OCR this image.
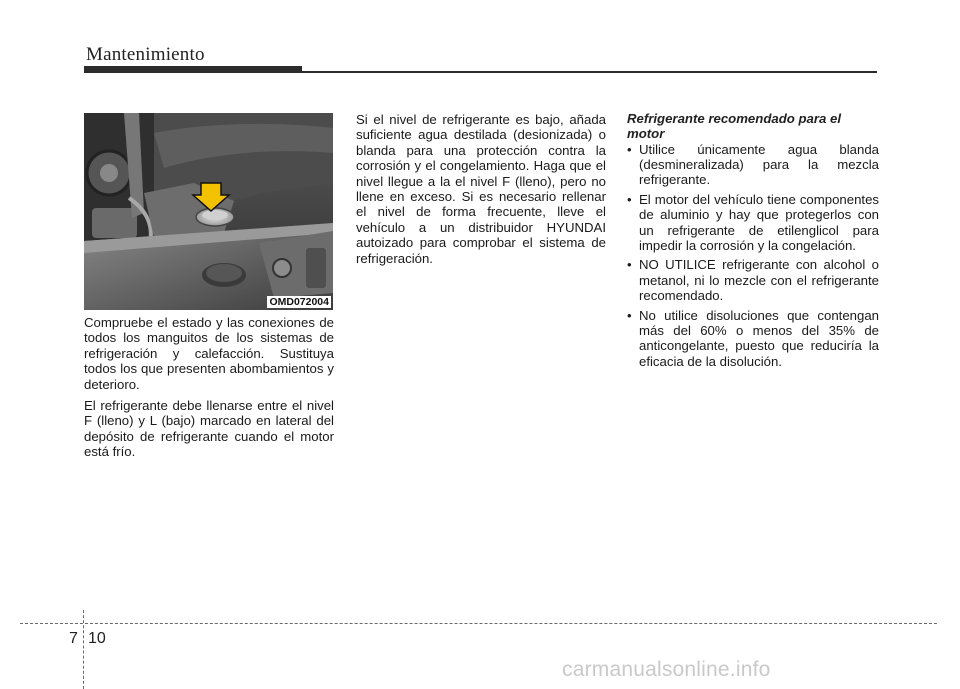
Mantenimiento
OMD072004

Compruebe el estado y las conexiones de todos los manguitos de los sistemas de refrigeración y calefacción. Sustituya todos los que presenten abombamientos y deterioro.

El refrigerante debe llenarse entre el nivel F (lleno) y L (bajo) marcado en lateral del depósito de refrigerante cuando el motor está frío.

Si el nivel de refrigerante es bajo, añada suficiente agua destilada (desionizada) o blanda para una protección contra la corrosión y el congelamiento. Haga que el nivel llegue a la el nivel F (lleno), pero no llene en exceso. Si es necesario rellenar el nivel de forma frecuente, lleve el vehículo a un distribuidor HYUNDAI autoizado para comprobar el sistema de refrigeración.

Refrigerante recomendado para el motor
• Utilice únicamente agua blanda (desmineralizada) para la mezcla refrigerante.
• El motor del vehículo tiene componentes de aluminio y hay que protegerlos con un refrigerante de etilenglicol para impedir la corrosión y la congelación.
• NO UTILICE refrigerante con alcohol o metanol, ni lo mezcle con el refrigerante recomendado.
• No utilice disoluciones que contengan más del 60% o menos del 35% de anticongelante, puesto que reduciría la eficacia de la disolución.
7 10
carmanualsonline.info
